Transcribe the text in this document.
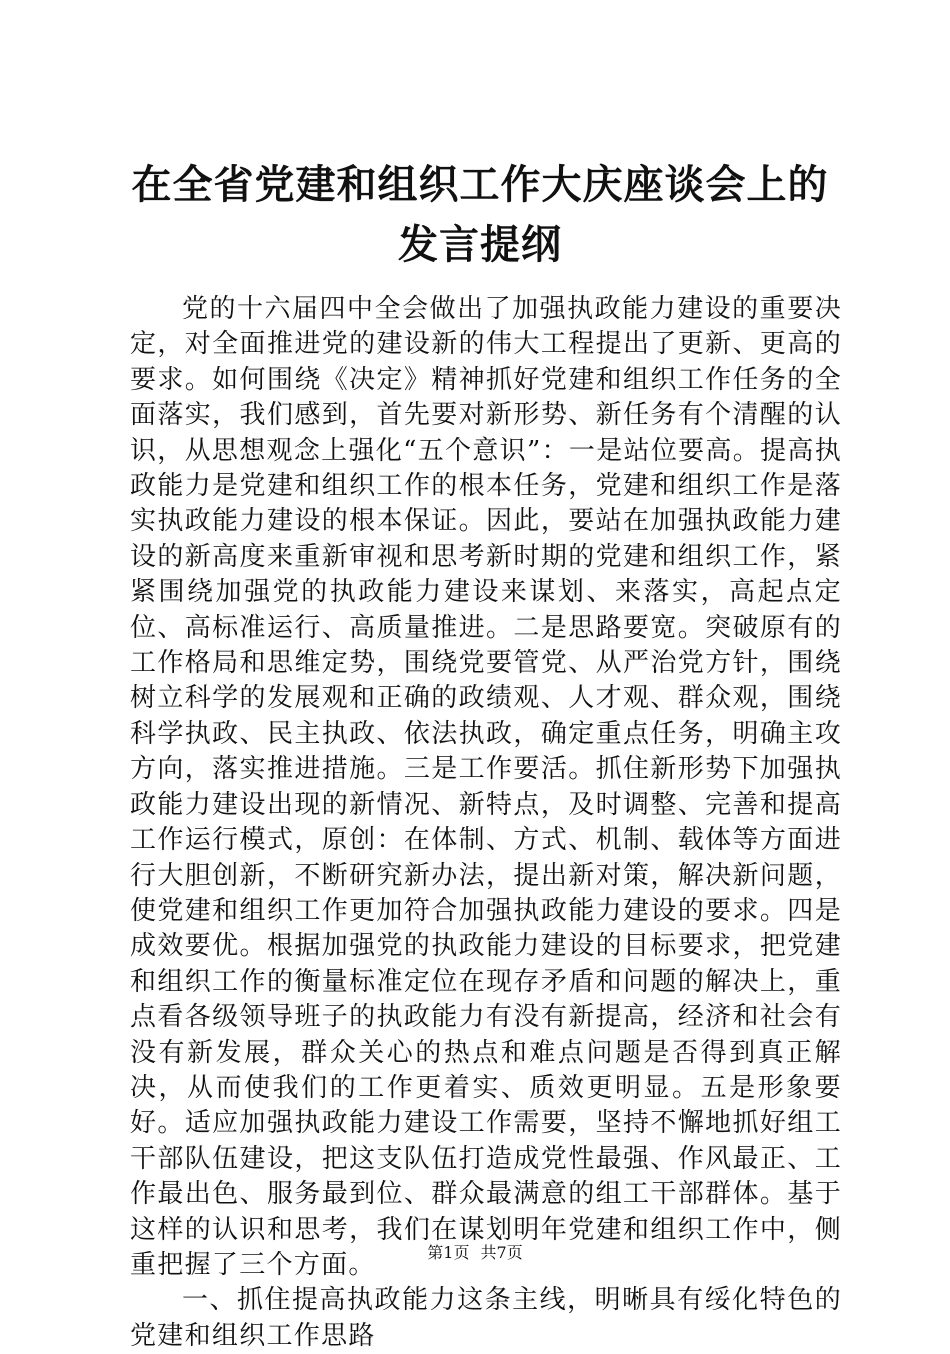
在全省党建和组织工作大庆座谈会上的发言提纲

党的十六届四中全会做出了加强执政能力建设的重要决定，对全面推进党的建设新的伟大工程提出了更新、更高的要求。如何围绕《决定》精神抓好党建和组织工作任务的全面落实，我们感到，首先要对新形势、新任务有个清醒的认识，从思想观念上强化“五个意识”：一是站位要高。提高执政能力是党建和组织工作的根本任务，党建和组织工作是落实执政能力建设的根本保证。因此，要站在加强执政能力建设的新高度来重新审视和思考新时期的党建和组织工作，紧紧围绕加强党的执政能力建设来谋划、来落实，高起点定位、高标准运行、高质量推进。二是思路要宽。突破原有的工作格局和思维定势，围绕党要管党、从严治党方针，围绕树立科学的发展观和正确的政绩观、人才观、群众观，围绕科学执政、民主执政、依法执政，确定重点任务，明确主攻方向，落实推进措施。三是工作要活。抓住新形势下加强执政能力建设出现的新情况、新特点，及时调整、完善和提高工作运行模式，原创：在体制、方式、机制、载体等方面进行大胆创新，不断研究新办法，提出新对策，解决新问题，使党建和组织工作更加符合加强执政能力建设的要求。四是成效要优。根据加强党的执政能力建设的目标要求，把党建和组织工作的衡量标准定位在现存矛盾和问题的解决上，重点看各级领导班子的执政能力有没有新提高，经济和社会有没有新发展，群众关心的热点和难点问题是否得到真正解决，从而使我们的工作更着实、质效更明显。五是形象要好。适应加强执政能力建设工作需要，坚持不懈地抓好组工干部队伍建设，把这支队伍打造成党性最强、作风最正、工作最出色、服务最到位、群众最满意的组工干部群体。基于这样的认识和思考，我们在谋划明年党建和组织工作中，侧重把握了三个方面。

一、抓住提高执政能力这条主线，明晰具有绥化特色的党建和组织工作思路

第1页 共7页
